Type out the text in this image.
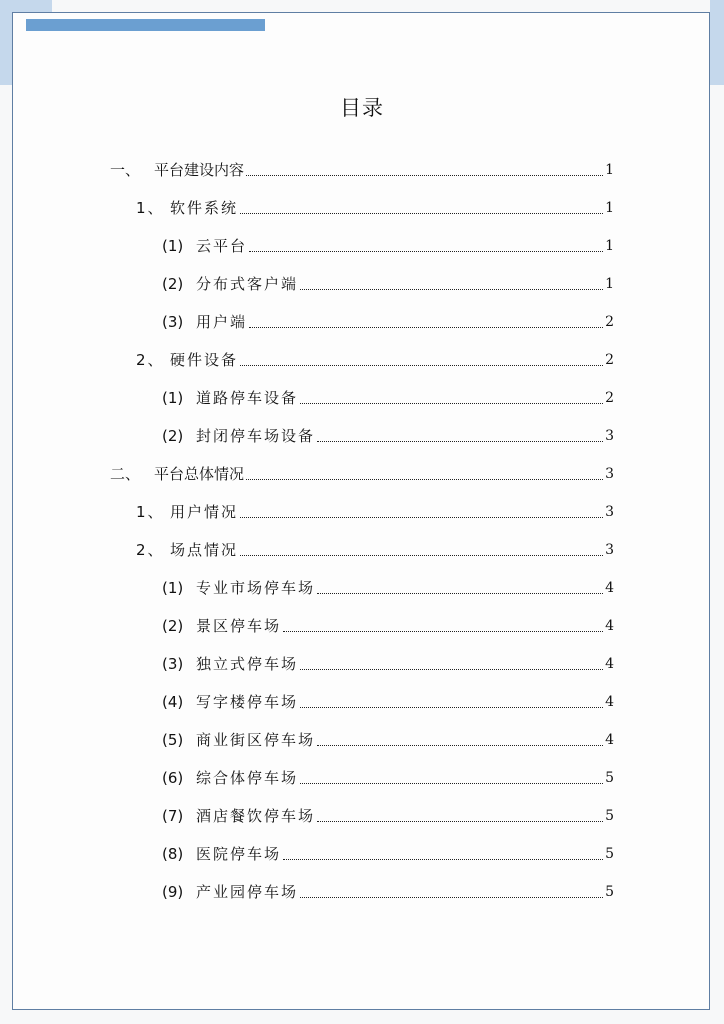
目录
一、 平台建设内容	1
1、 软件系统	1
(1) 云平台	1
(2) 分布式客户端	1
(3) 用户端	2
2、 硬件设备	2
(1) 道路停车设备	2
(2) 封闭停车场设备	3
二、 平台总体情况	3
1、 用户情况	3
2、 场点情况	3
(1) 专业市场停车场	4
(2) 景区停车场	4
(3) 独立式停车场	4
(4) 写字楼停车场	4
(5) 商业街区停车场	4
(6) 综合体停车场	5
(7) 酒店餐饮停车场	5
(8) 医院停车场	5
(9) 产业园停车场	5
